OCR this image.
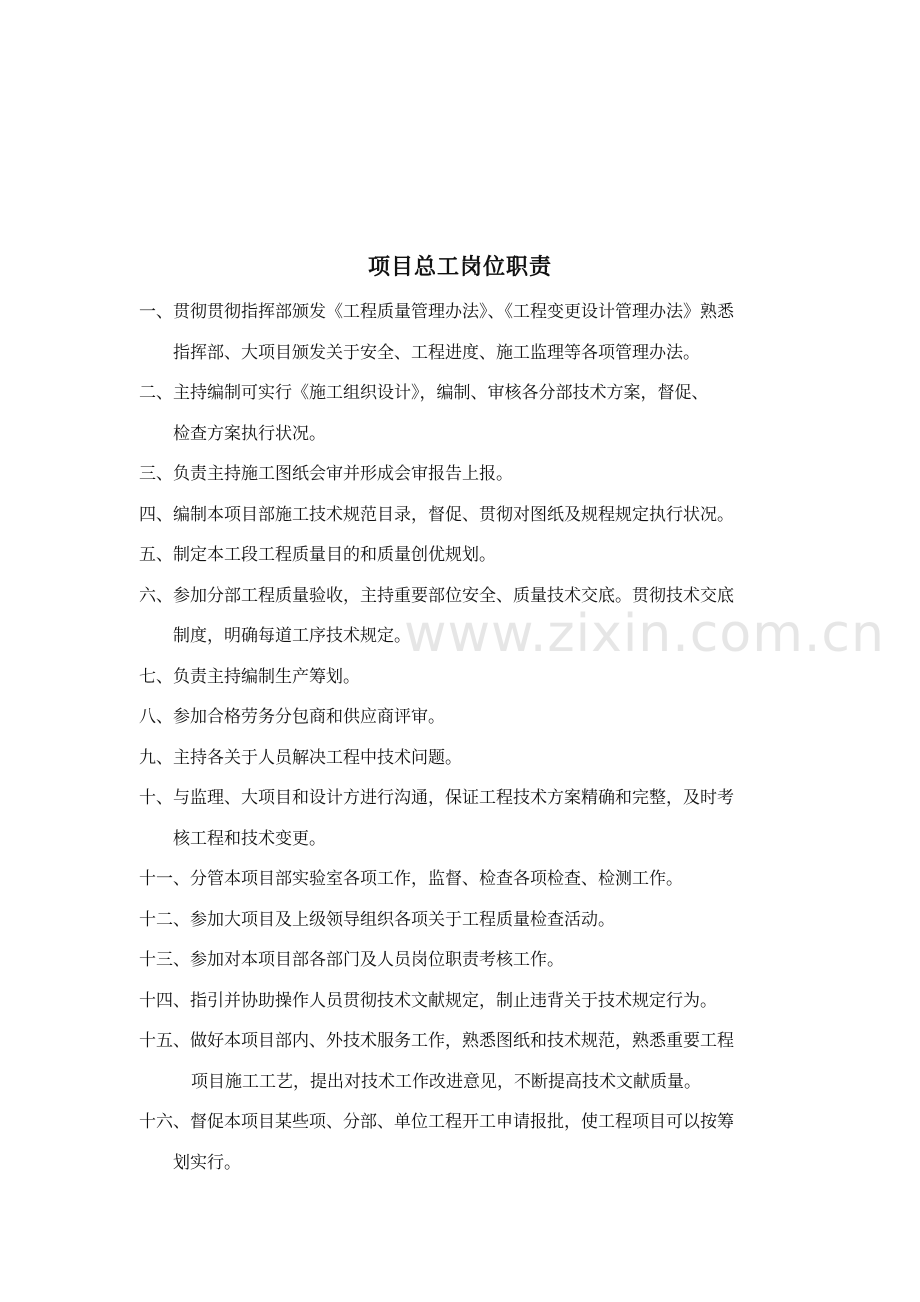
项目总工岗位职责
一、贯彻贯彻指挥部颁发《工程质量管理办法》、《工程变更设计管理办法》熟悉
指挥部、大项目颁发关于安全、工程进度、施工监理等各项管理办法。
二、主持编制可实行《施工组织设计》，编制、审核各分部技术方案，督促、
检查方案执行状况。
三、负责主持施工图纸会审并形成会审报告上报。
四、编制本项目部施工技术规范目录，督促、贯彻对图纸及规程规定执行状况。
五、制定本工段工程质量目的和质量创优规划。
六、参加分部工程质量验收，主持重要部位安全、质量技术交底。贯彻技术交底
制度，明确每道工序技术规定。
七、负责主持编制生产筹划。
八、参加合格劳务分包商和供应商评审。
九、主持各关于人员解决工程中技术问题。
十、与监理、大项目和设计方进行沟通，保证工程技术方案精确和完整，及时考
核工程和技术变更。
十一、分管本项目部实验室各项工作，监督、检查各项检查、检测工作。
十二、参加大项目及上级领导组织各项关于工程质量检查活动。
十三、参加对本项目部各部门及人员岗位职责考核工作。
十四、指引并协助操作人员贯彻技术文献规定，制止违背关于技术规定行为。
十五、做好本项目部内、外技术服务工作，熟悉图纸和技术规范，熟悉重要工程
项目施工工艺，提出对技术工作改进意见，不断提高技术文献质量。
十六、督促本项目某些项、分部、单位工程开工申请报批，使工程项目可以按筹
划实行。
www.zixin.com.cn
